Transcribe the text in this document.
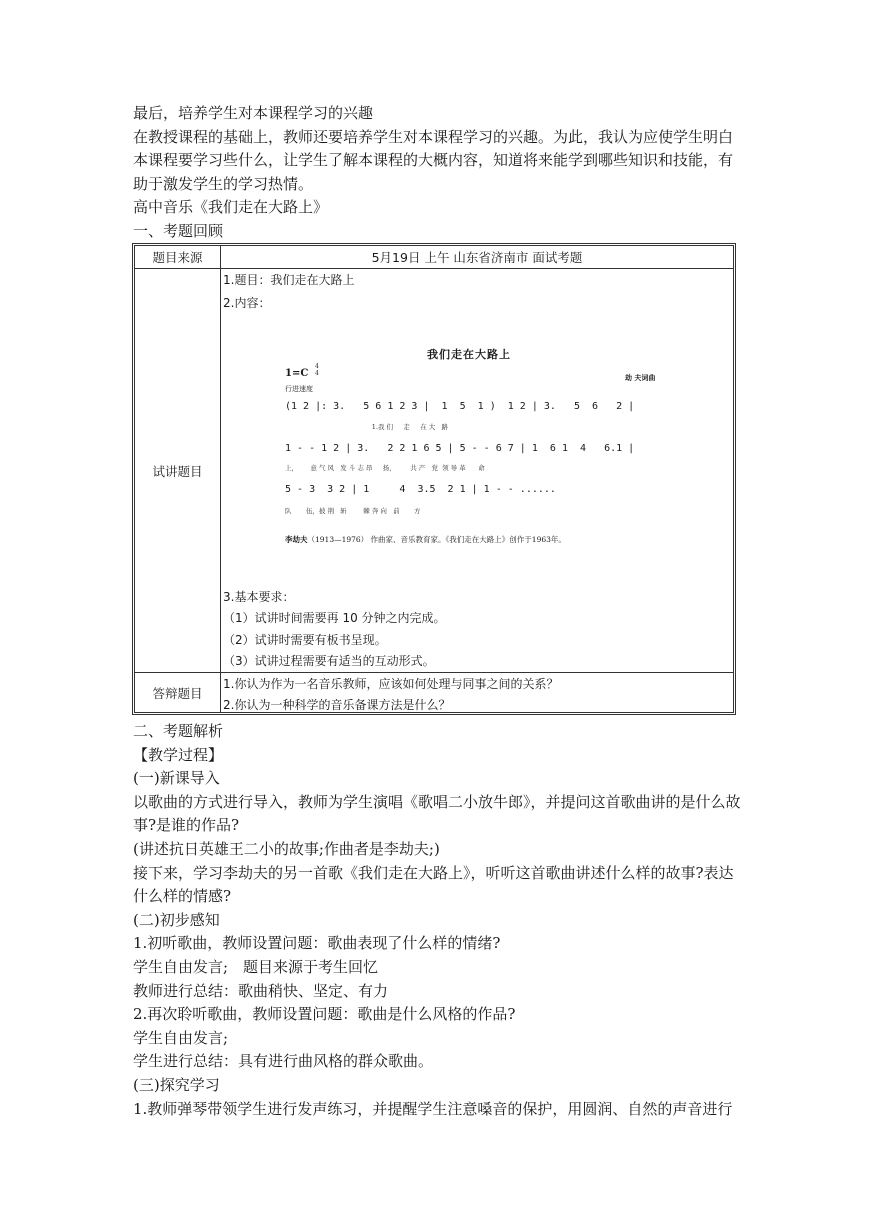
最后，培养学生对本课程学习的兴趣

在教授课程的基础上，教师还要培养学生对本课程学习的兴趣。为此，我认为应使学生明白本课程要学习些什么，让学生了解本课程的大概内容，知道将来能学到哪些知识和技能，有助于激发学生的学习热情。

高中音乐《我们走在大路上》

一、考题回顾

题目来源	5月19日 上午 山东省济南市 面试考题
试讲题目
1.题目：我们走在大路上
2.内容：
我们走在大路上
1=C
4
4
行进速度
劫 夫词曲
(1 2 |: 3.   5 6 1 2 3 |  1  5  1 )  1 2 | 3.   5  6   2 |
1.我 们     走     在 大   路
1 - - 1 2 | 3.   2 2 1 6 5 | 5 - - 6 7 | 1  6 1  4   6.1 |
上，      意 气 风   发 斗 志 昂     扬，       共 产   党  领 导 革      命
5 - 3  3 2 | 1     4  3.5  2 1 | 1 - - ......
队       伍，披 荆   斩        棘 奔 向   前       方
李劫夫（1913—1976） 作曲家、音乐教育家。《我们走在大路上》创作于1963年。
3.基本要求：
（1）试讲时间需要再 10 分钟之内完成。
（2）试讲时需要有板书呈现。
（3）试讲过程需要有适当的互动形式。
答辩题目
1.你认为作为一名音乐教师，应该如何处理与同事之间的关系？
2.你认为一种科学的音乐备课方法是什么？

二、考题解析

【教学过程】

(一)新课导入

以歌曲的方式进行导入，教师为学生演唱《歌唱二小放牛郎》，并提问这首歌曲讲的是什么故事?是谁的作品?

(讲述抗日英雄王二小的故事;作曲者是李劫夫;)

接下来，学习李劫夫的另一首歌《我们走在大路上》，听听这首歌曲讲述什么样的故事?表达什么样的情感?

(二)初步感知

1.初听歌曲，教师设置问题：歌曲表现了什么样的情绪?

学生自由发言;　题目来源于考生回忆

教师进行总结：歌曲稍快、坚定、有力

2.再次聆听歌曲，教师设置问题：歌曲是什么风格的作品?

学生自由发言;

学生进行总结：具有进行曲风格的群众歌曲。

(三)探究学习

1.教师弹琴带领学生进行发声练习，并提醒学生注意嗓音的保护，用圆润、自然的声音进行
